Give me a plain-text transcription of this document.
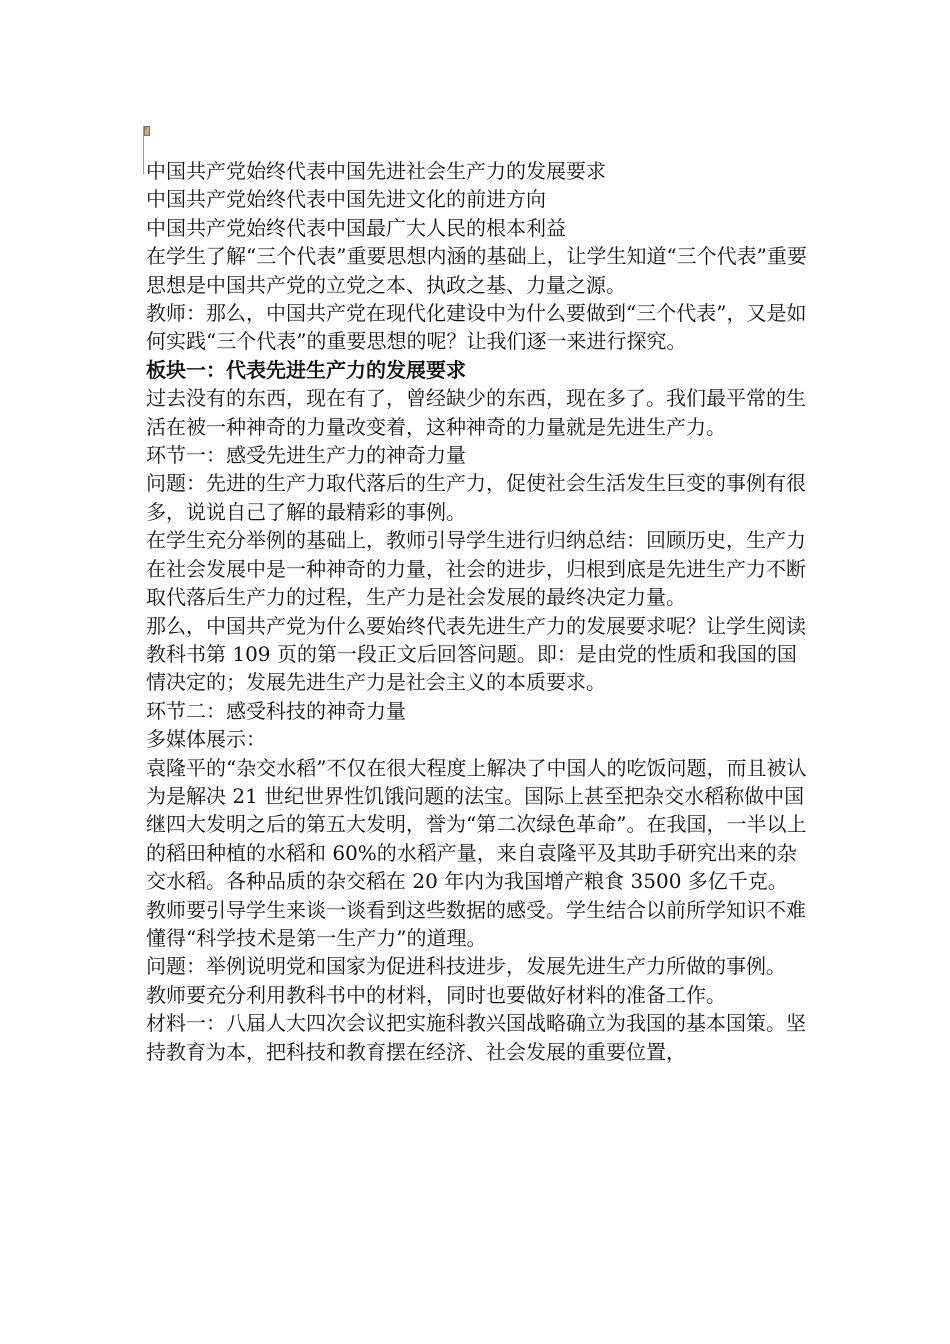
中国共产党始终代表中国先进社会生产力的发展要求

中国共产党始终代表中国先进文化的前进方向

中国共产党始终代表中国最广大人民的根本利益

在学生了解“三个代表”重要思想内涵的基础上，让学生知道“三个代表”重要思想是中国共产党的立党之本、执政之基、力量之源。

教师：那么，中国共产党在现代化建设中为什么要做到“三个代表”，又是如何实践“三个代表”的重要思想的呢？让我们逐一来进行探究。

板块一：代表先进生产力的发展要求

过去没有的东西，现在有了，曾经缺少的东西，现在多了。我们最平常的生活在被一种神奇的力量改变着，这种神奇的力量就是先进生产力。

环节一：感受先进生产力的神奇力量

问题：先进的生产力取代落后的生产力，促使社会生活发生巨变的事例有很多，说说自己了解的最精彩的事例。

在学生充分举例的基础上，教师引导学生进行归纳总结：回顾历史，生产力在社会发展中是一种神奇的力量，社会的进步，归根到底是先进生产力不断取代落后生产力的过程，生产力是社会发展的最终决定力量。

那么，中国共产党为什么要始终代表先进生产力的发展要求呢？让学生阅读教科书第 109 页的第一段正文后回答问题。即：是由党的性质和我国的国情决定的；发展先进生产力是社会主义的本质要求。

环节二：感受科技的神奇力量

多媒体展示：

袁隆平的“杂交水稻”不仅在很大程度上解决了中国人的吃饭问题，而且被认为是解决 21 世纪世界性饥饿问题的法宝。国际上甚至把杂交水稻称做中国继四大发明之后的第五大发明，誉为“第二次绿色革命”。在我国，一半以上的稻田种植的水稻和 60%的水稻产量，来自袁隆平及其助手研究出来的杂交水稻。各种品质的杂交稻在 20 年内为我国增产粮食 3500 多亿千克。

教师要引导学生来谈一谈看到这些数据的感受。学生结合以前所学知识不难懂得“科学技术是第一生产力”的道理。

问题：举例说明党和国家为促进科技进步，发展先进生产力所做的事例。

教师要充分利用教科书中的材料，同时也要做好材料的准备工作。

材料一：八届人大四次会议把实施科教兴国战略确立为我国的基本国策。坚持教育为本，把科技和教育摆在经济、社会发展的重要位置，
